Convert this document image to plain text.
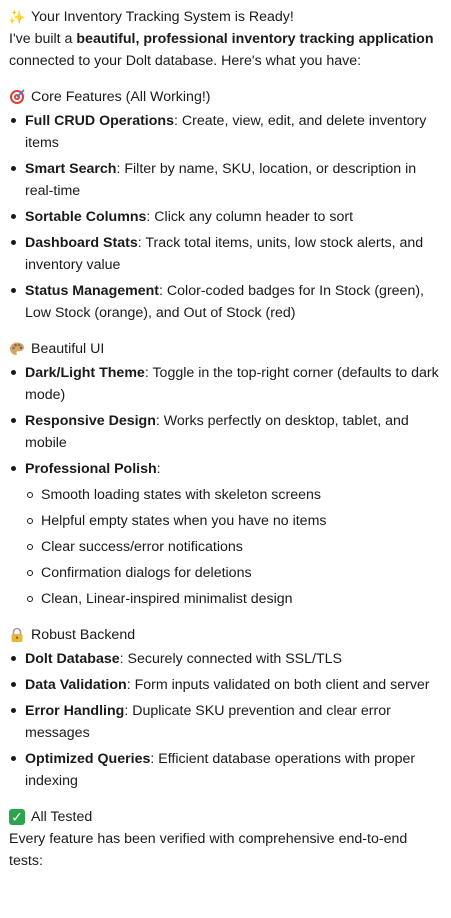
✨ Your Inventory Tracking System is Ready!

I've built a beautiful, professional inventory tracking application connected to your Dolt database. Here's what you have:

Core Features (All Working!)
Full CRUD Operations: Create, view, edit, and delete inventory items
Smart Search: Filter by name, SKU, location, or description in real-time
Sortable Columns: Click any column header to sort
Dashboard Stats: Track total items, units, low stock alerts, and inventory value
Status Management: Color-coded badges for In Stock (green), Low Stock (orange), and Out of Stock (red)
Beautiful UI
Dark/Light Theme: Toggle in the top-right corner (defaults to dark mode)
Responsive Design: Works perfectly on desktop, tablet, and mobile
Professional Polish:
Smooth loading states with skeleton screens
Helpful empty states when you have no items
Clear success/error notifications
Confirmation dialogs for deletions
Clean, Linear-inspired minimalist design
Robust Backend
Dolt Database: Securely connected with SSL/TLS
Data Validation: Form inputs validated on both client and server
Error Handling: Duplicate SKU prevention and clear error messages
Optimized Queries: Efficient database operations with proper indexing
✓ All Tested

Every feature has been verified with comprehensive end-to-end tests:
